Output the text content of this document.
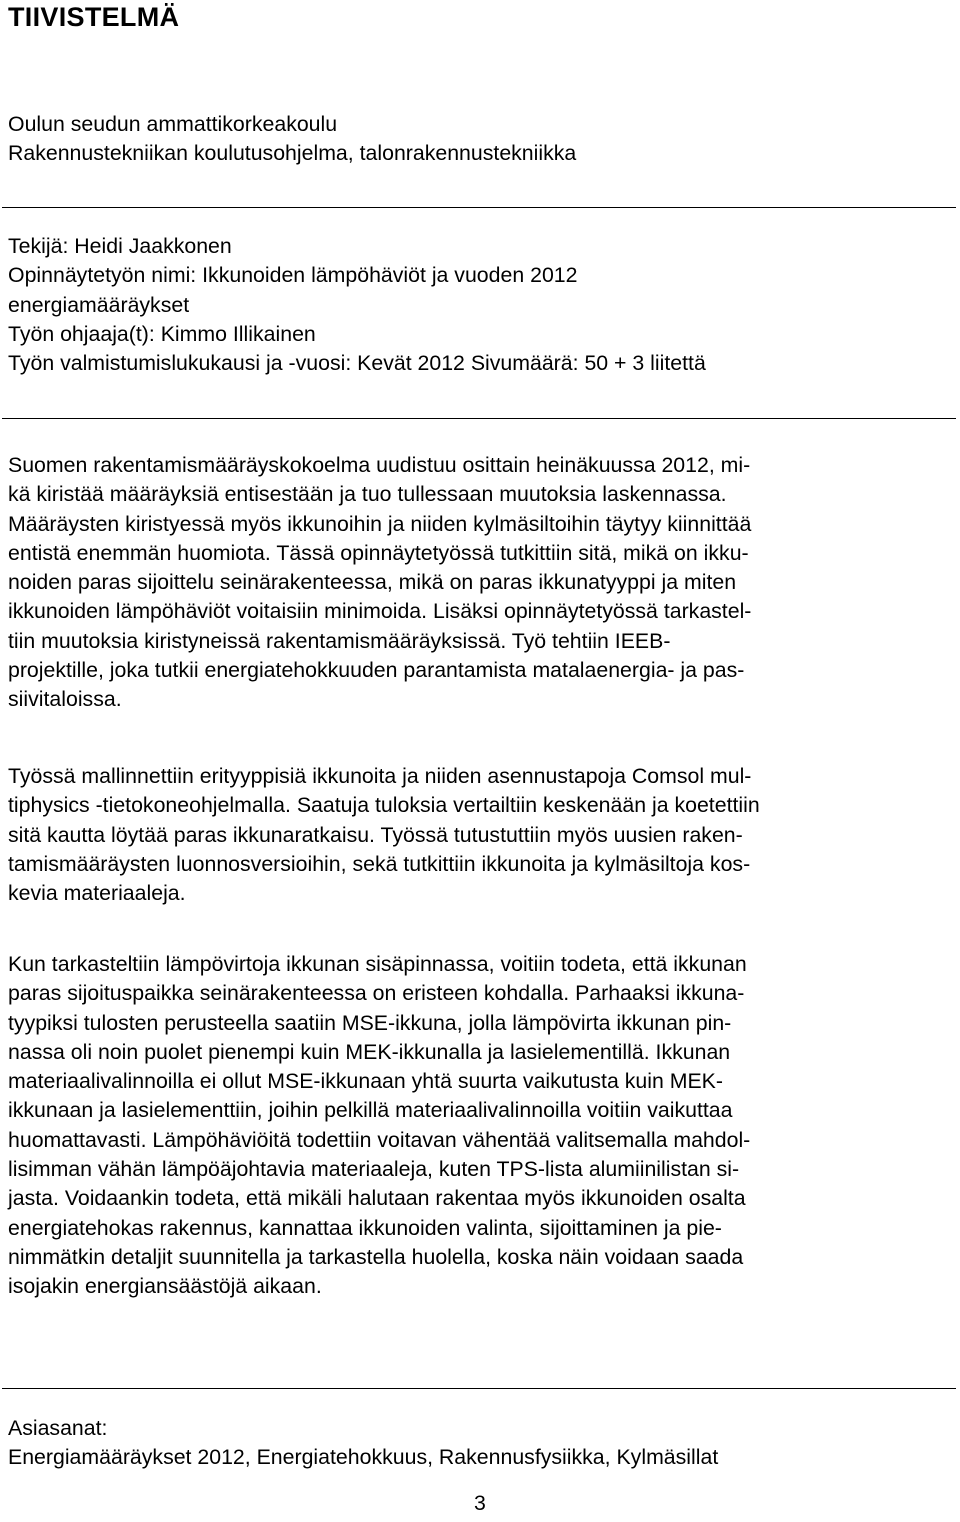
TIIVISTELMÄ
Oulun seudun ammattikorkeakoulu
Rakennustekniikan koulutusohjelma, talonrakennustekniikka
Tekijä: Heidi Jaakkonen
Opinnäytetyön nimi: Ikkunoiden lämpöhäviöt ja vuoden 2012
energiamääräykset
Työn ohjaaja(t): Kimmo Illikainen
Työn valmistumislukukausi ja -vuosi: Kevät 2012 Sivumäärä: 50 + 3 liitettä
Suomen rakentamismääräyskokoelma uudistuu osittain heinäkuussa 2012, mi-
kä kiristää määräyksiä entisestään ja tuo tullessaan muutoksia laskennassa.
Määräysten kiristyessä myös ikkunoihin ja niiden kylmäsiltoihin täytyy kiinnittää
entistä enemmän huomiota. Tässä opinnäytetyössä tutkittiin sitä, mikä on ikku-
noiden paras sijoittelu seinärakenteessa, mikä on paras ikkunatyyppi ja miten
ikkunoiden lämpöhäviöt voitaisiin minimoida. Lisäksi opinnäytetyössä tarkastel-
tiin muutoksia kiristyneissä rakentamismääräyksissä. Työ tehtiin IEEB-
projektille, joka tutkii energiatehokkuuden parantamista matalaenergia- ja pas-
siivitaloissa.
Työssä mallinnettiin erityyppisiä ikkunoita ja niiden asennustapoja Comsol mul-
tiphysics -tietokoneohjelmalla. Saatuja tuloksia vertailtiin keskenään ja koetettiin
sitä kautta löytää paras ikkunaratkaisu. Työssä tutustuttiin myös uusien raken-
tamismääräysten luonnosversioihin, sekä tutkittiin ikkunoita ja kylmäsiltoja kos-
kevia materiaaleja.
Kun tarkasteltiin lämpövirtoja ikkunan sisäpinnassa, voitiin todeta, että ikkunan
paras sijoituspaikka seinärakenteessa on eristeen kohdalla. Parhaaksi ikkuna-
tyypiksi tulosten perusteella saatiin MSE-ikkuna, jolla lämpövirta ikkunan pin-
nassa oli noin puolet pienempi kuin MEK-ikkunalla ja lasielementillä. Ikkunan
materiaalivalinnoilla ei ollut MSE-ikkunaan yhtä suurta vaikutusta kuin MEK-
ikkunaan ja lasielementtiin, joihin pelkillä materiaalivalinnoilla voitiin vaikuttaa
huomattavasti. Lämpöhäviöitä todettiin voitavan vähentää valitsemalla mahdol-
lisimman vähän lämpöäjohtavia materiaaleja, kuten TPS-lista alumiinilistan si-
jasta. Voidaankin todeta, että mikäli halutaan rakentaa myös ikkunoiden osalta
energiatehokas rakennus, kannattaa ikkunoiden valinta, sijoittaminen ja pie-
nimmätkin detaljit suunnitella ja tarkastella huolella, koska näin voidaan saada
isojakin energiansäästöjä aikaan.
Asiasanat:
Energiamääräykset 2012, Energiatehokkuus, Rakennusfysiikka, Kylmäsillat
3
